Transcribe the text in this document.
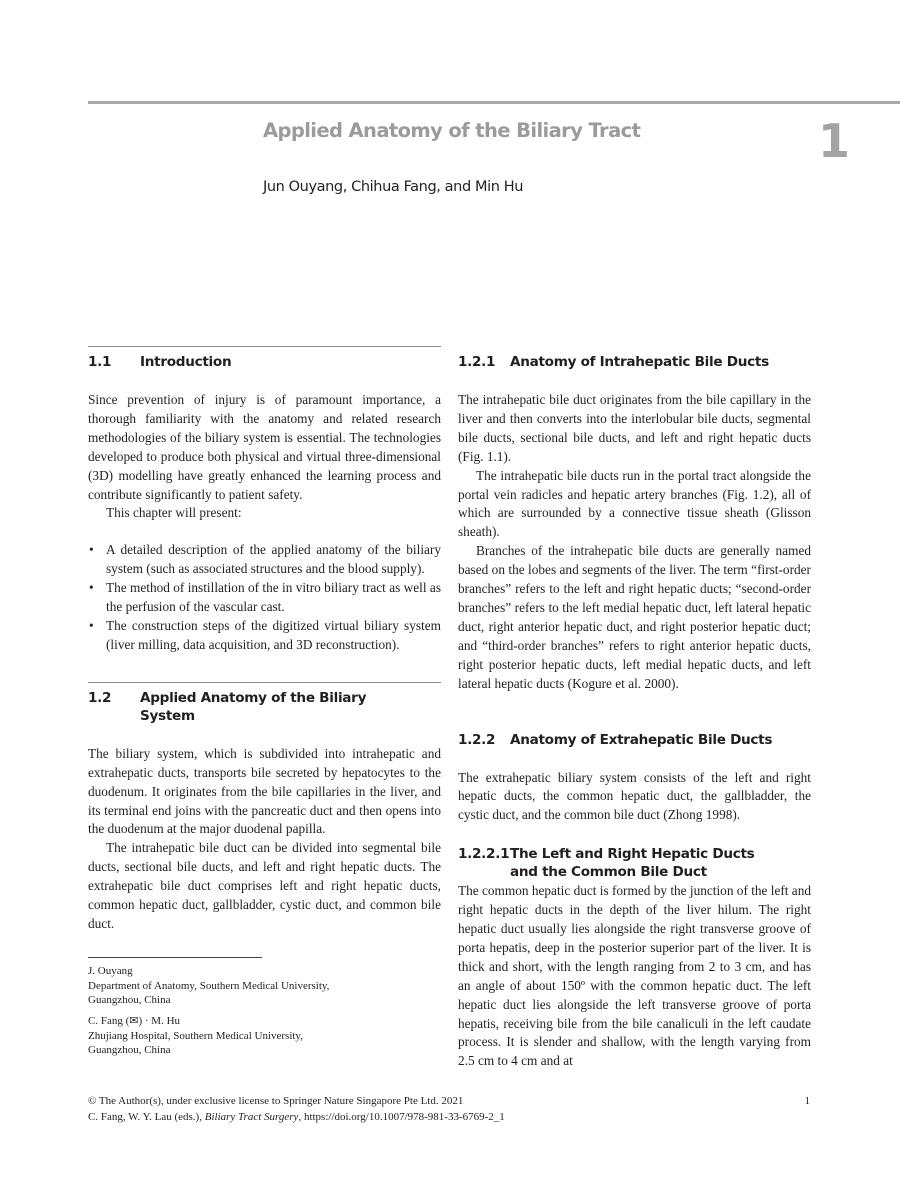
Applied Anatomy of the Biliary Tract	1
Jun Ouyang, Chihua Fang, and Min Hu
1.1	Introduction

Since prevention of injury is of paramount importance, a thorough familiarity with the anatomy and related research methodologies of the biliary system is essential. The technologies developed to produce both physical and virtual three-dimensional (3D) modelling have greatly enhanced the learning process and contribute significantly to patient safety.

This chapter will present:

• A detailed description of the applied anatomy of the biliary system (such as associated structures and the blood supply).
• The method of instillation of the in vitro biliary tract as well as the perfusion of the vascular cast.
• The construction steps of the digitized virtual biliary system (liver milling, data acquisition, and 3D reconstruction).
1.2	Applied Anatomy of the Biliary
System

The biliary system, which is subdivided into intrahepatic and extrahepatic ducts, transports bile secreted by hepatocytes to the duodenum. It originates from the bile capillaries in the liver, and its terminal end joins with the pancreatic duct and then opens into the duodenum at the major duodenal papilla.

The intrahepatic bile duct can be divided into segmental bile ducts, sectional bile ducts, and left and right hepatic ducts. The extrahepatic bile duct comprises left and right hepatic ducts, common hepatic duct, gallbladder, cystic duct, and common bile duct.

J. Ouyang
Department of Anatomy, Southern Medical University,
Guangzhou, China
C. Fang (✉) · M. Hu
Zhujiang Hospital, Southern Medical University,
Guangzhou, China
1.2.1	Anatomy of Intrahepatic Bile Ducts

The intrahepatic bile duct originates from the bile capillary in the liver and then converts into the interlobular bile ducts, segmental bile ducts, sectional bile ducts, and left and right hepatic ducts (Fig. 1.1).

The intrahepatic bile ducts run in the portal tract alongside the portal vein radicles and hepatic artery branches (Fig. 1.2), all of which are surrounded by a connective tissue sheath (Glisson sheath).

Branches of the intrahepatic bile ducts are generally named based on the lobes and segments of the liver. The term “first-order branches” refers to the left and right hepatic ducts; “second-order branches” refers to the left medial hepatic duct, left lateral hepatic duct, right anterior hepatic duct, and right posterior hepatic duct; and “third-order branches” refers to right anterior hepatic ducts, right posterior hepatic ducts, left medial hepatic ducts, and left lateral hepatic ducts (Kogure et al. 2000).

1.2.2	Anatomy of Extrahepatic Bile Ducts

The extrahepatic biliary system consists of the left and right hepatic ducts, the common hepatic duct, the gallbladder, the cystic duct, and the common bile duct (Zhong 1998).

1.2.2.1 The Left and Right Hepatic Ducts
and the Common Bile Duct

The common hepatic duct is formed by the junction of the left and right hepatic ducts in the depth of the liver hilum. The right hepatic duct usually lies alongside the right transverse groove of porta hepatis, deep in the posterior superior part of the liver. It is thick and short, with the length ranging from 2 to 3 cm, and has an angle of about 150º with the common hepatic duct. The left hepatic duct lies alongside the left transverse groove of porta hepatis, receiving bile from the bile canaliculi in the left caudate process. It is slender and shallow, with the length varying from 2.5 cm to 4 cm and at

© The Author(s), under exclusive license to Springer Nature Singapore Pte Ltd. 2021
C. Fang, W. Y. Lau (eds.), Biliary Tract Surgery, https://doi.org/10.1007/978-981-33-6769-2_1
1
